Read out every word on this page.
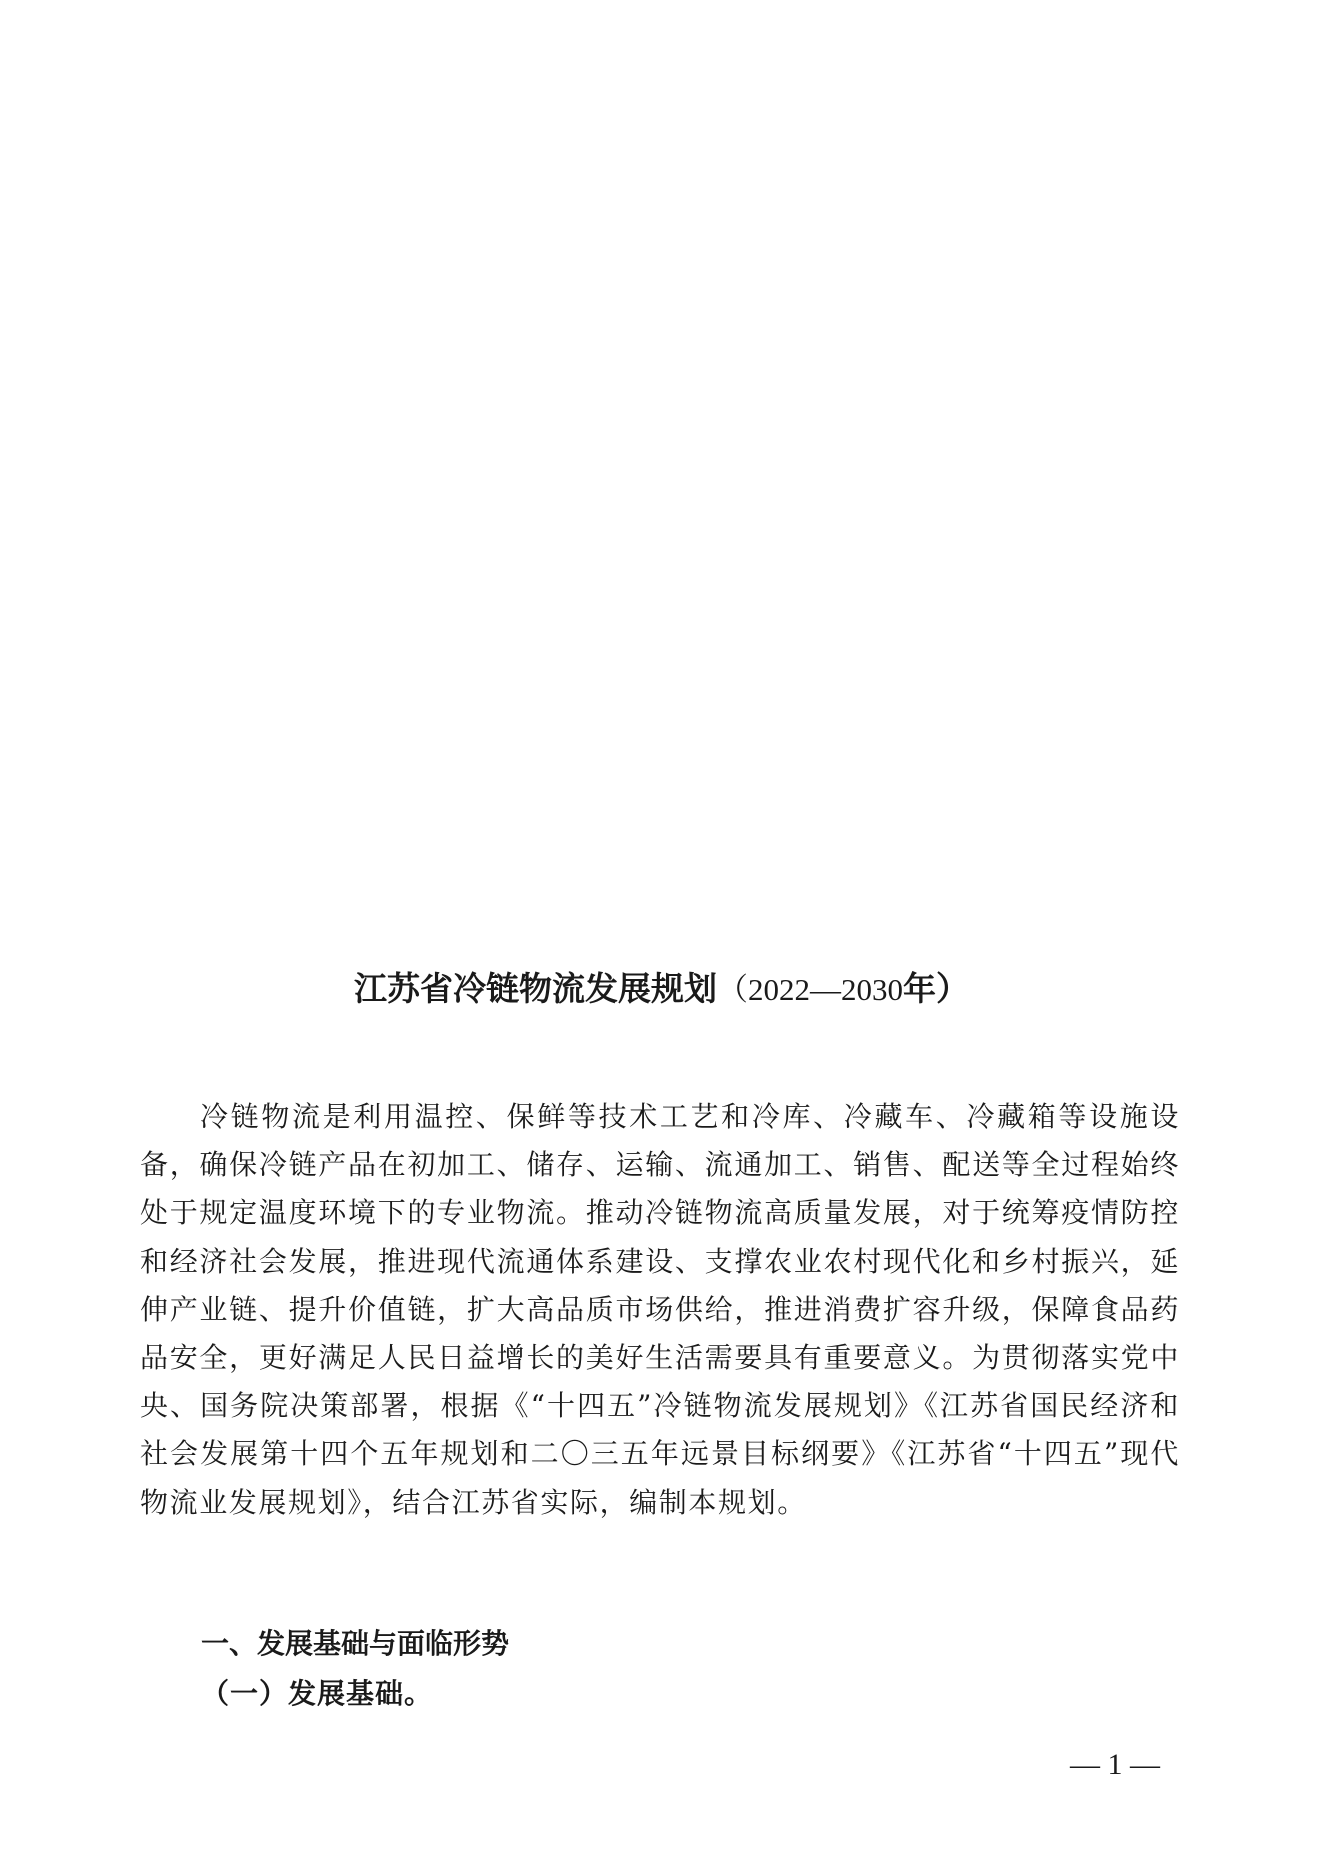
江苏省冷链物流发展规划（2022—2030年）

冷链物流是利用温控、保鲜等技术工艺和冷库、冷藏车、冷藏箱等设施设备，确保冷链产品在初加工、储存、运输、流通加工、销售、配送等全过程始终处于规定温度环境下的专业物流。推动冷链物流高质量发展，对于统筹疫情防控和经济社会发展，推进现代流通体系建设、支撑农业农村现代化和乡村振兴，延伸产业链、提升价值链，扩大高品质市场供给，推进消费扩容升级，保障食品药品安全，更好满足人民日益增长的美好生活需要具有重要意义。为贯彻落实党中央、国务院决策部署，根据《“十四五”冷链物流发展规划》《江苏省国民经济和社会发展第十四个五年规划和二〇三五年远景目标纲要》《江苏省“十四五”现代物流业发展规划》，结合江苏省实际，编制本规划。

一、发展基础与面临形势
（一）发展基础。
— 1 —
